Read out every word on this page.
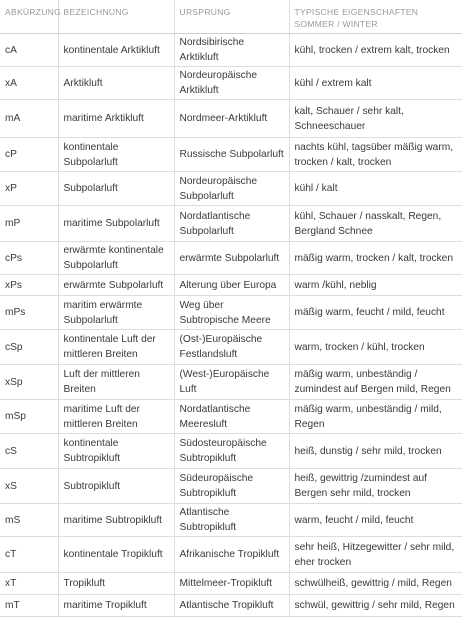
ABKÜRZUNG	BEZEICHNUNG	URSPRUNG	TYPISCHE EIGENSCHAFTEN SOMMER / WINTER
cA	kontinentale Arktikluft	Nordsibirische Arktikluft	kühl, trocken / extrem kalt, trocken
xA	Arktikluft	Nordeuropäische Arktikluft	kühl / extrem kalt
mA	maritime Arktikluft	Nordmeer-Arktikluft	kalt, Schauer / sehr kalt, Schneeschauer
cP	kontinentale Subpolarluft	Russische Subpolarluft	nachts kühl, tagsüber mäßig warm, trocken / kalt, trocken
xP	Subpolarluft	Nordeuropäische Subpolarluft	kühl / kalt
mP	maritime Subpolarluft	Nordatlantische Subpolarluft	kühl, Schauer / nasskalt, Regen, Bergland Schnee
cPs	erwärmte kontinentale Subpolarluft	erwärmte Subpolarluft	mäßig warm, trocken / kalt, trocken
xPs	erwärmte Subpolarluft	Alterung über Europa	warm /kühl, neblig
mPs	maritim erwärmte Subpolarluft	Weg über Subtropische Meere	mäßig warm, feucht / mild, feucht
cSp	kontinentale Luft der mittleren Breiten	(Ost-)Europäische Festlandsluft	warm, trocken / kühl, trocken
xSp	Luft der mittleren Breiten	(West-)Europäische Luft	mäßig warm, unbeständig / zumindest auf Bergen mild, Regen
mSp	maritime Luft der mittleren Breiten	Nordatlantische Meeresluft	mäßig warm, unbeständig / mild, Regen
cS	kontinentale Subtropikluft	Südosteuropäische Subtropikluft	heiß, dunstig / sehr mild, trocken
xS	Subtropikluft	Südeuropäische Subtropikluft	heiß, gewittrig /zumindest auf Bergen sehr mild, trocken
mS	maritime Subtropikluft	Atlantische Subtropikluft	warm, feucht / mild, feucht
cT	kontinentale Tropikluft	Afrikanische Tropikluft	sehr heiß, Hitzegewitter / sehr mild, eher trocken
xT	Tropikluft	Mittelmeer-Tropikluft	schwülheiß, gewittrig / mild, Regen
mT	maritime Tropikluft	Atlantische Tropikluft	schwül, gewittrig / sehr mild, Regen
